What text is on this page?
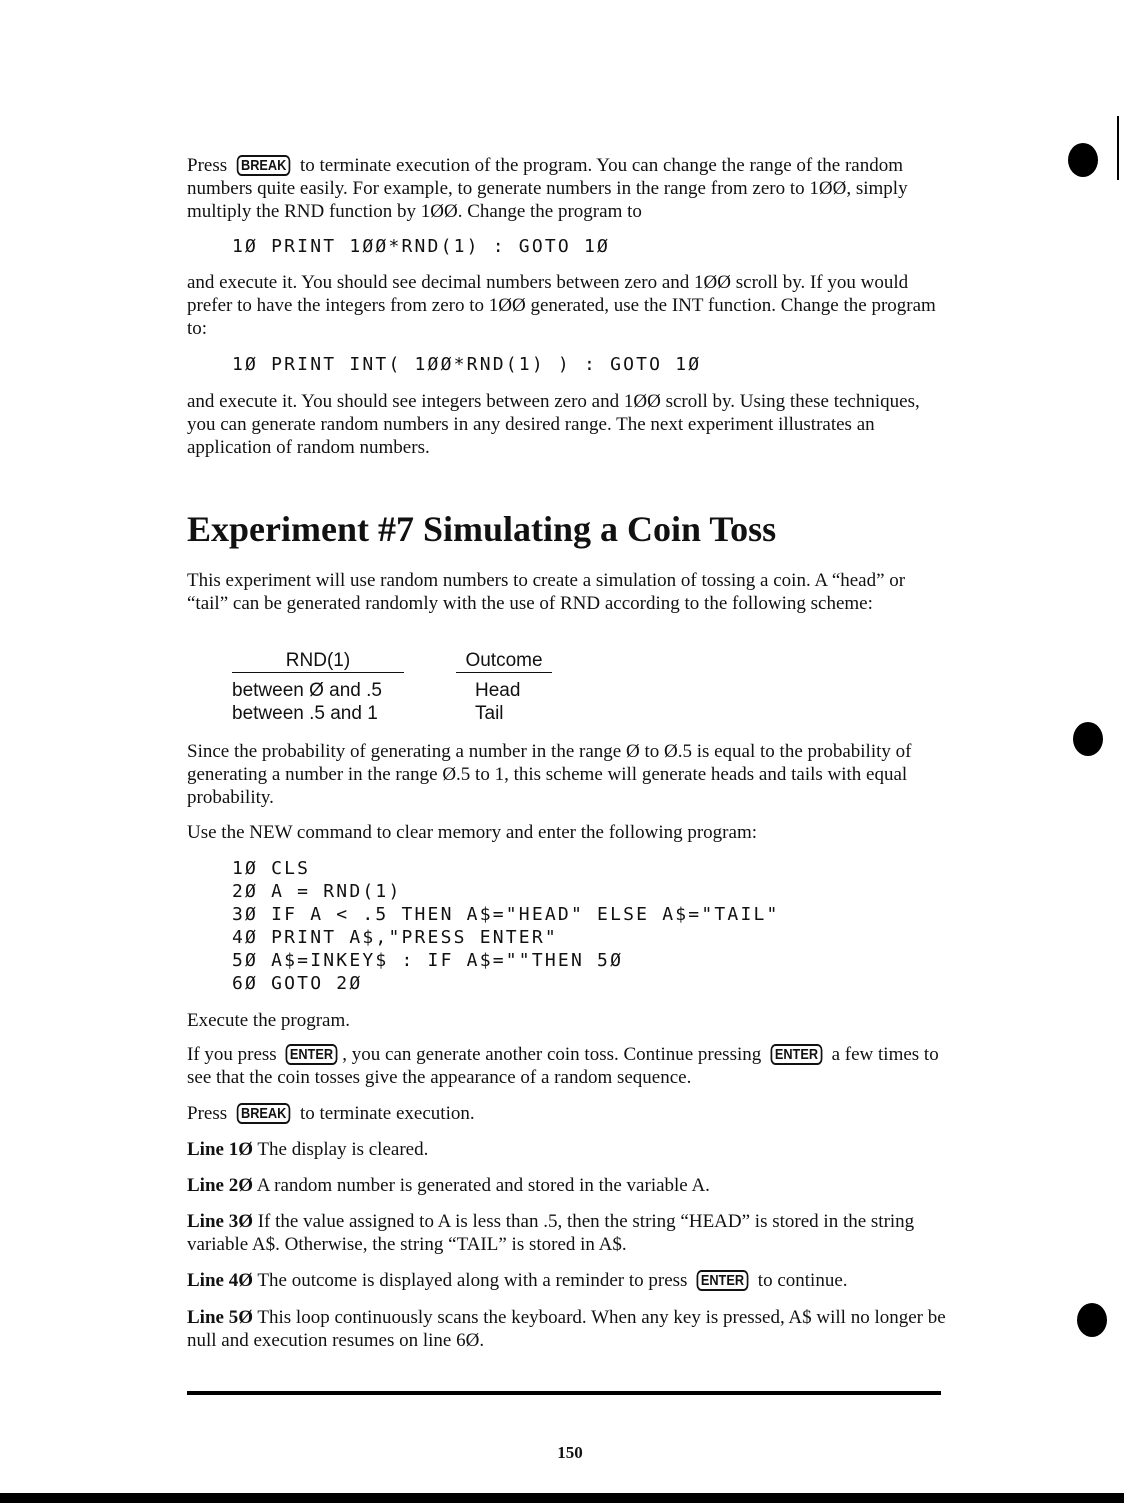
Press BREAK to terminate execution of the program. You can change the range of the random numbers quite easily. For example, to generate numbers in the range from zero to 1ØØ, simply multiply the RND function by 1ØØ. Change the program to

1Ø PRINT 1ØØ*RND(1) : GOTO 1Ø

and execute it. You should see decimal numbers between zero and 1ØØ scroll by. If you would prefer to have the integers from zero to 1ØØ generated, use the INT function. Change the program to:

1Ø PRINT INT( 1ØØ*RND(1) ) : GOTO 1Ø

and execute it. You should see integers between zero and 1ØØ scroll by. Using these techniques, you can generate random numbers in any desired range. The next experiment illustrates an application of random numbers.

Experiment #7 Simulating a Coin Toss

This experiment will use random numbers to create a simulation of tossing a coin. A “head” or “tail” can be generated randomly with the use of RND according to the following scheme:

RND(1)	Outcome
between Ø and .5	Head
between .5 and 1	Tail

Since the probability of generating a number in the range Ø to Ø.5 is equal to the probability of generating a number in the range Ø.5 to 1, this scheme will generate heads and tails with equal probability.

Use the NEW command to clear memory and enter the following program:

1Ø CLS
2Ø A = RND(1)
3Ø IF A < .5 THEN A$="HEAD" ELSE A$="TAIL"
4Ø PRINT A$,"PRESS ENTER"
5Ø A$=INKEY$ : IF A$=""THEN 5Ø
6Ø GOTO 2Ø

Execute the program.

If you press ENTER , you can generate another coin toss. Continue pressing ENTER a few times to see that the coin tosses give the appearance of a random sequence.

Press BREAK to terminate execution.

Line 1Ø The display is cleared.

Line 2Ø A random number is generated and stored in the variable A.

Line 3Ø If the value assigned to A is less than .5, then the string “HEAD” is stored in the string variable A$. Otherwise, the string “TAIL” is stored in A$.

Line 4Ø The outcome is displayed along with a reminder to press ENTER to continue.

Line 5Ø This loop continuously scans the keyboard. When any key is pressed, A$ will no longer be null and execution resumes on line 6Ø.

150
